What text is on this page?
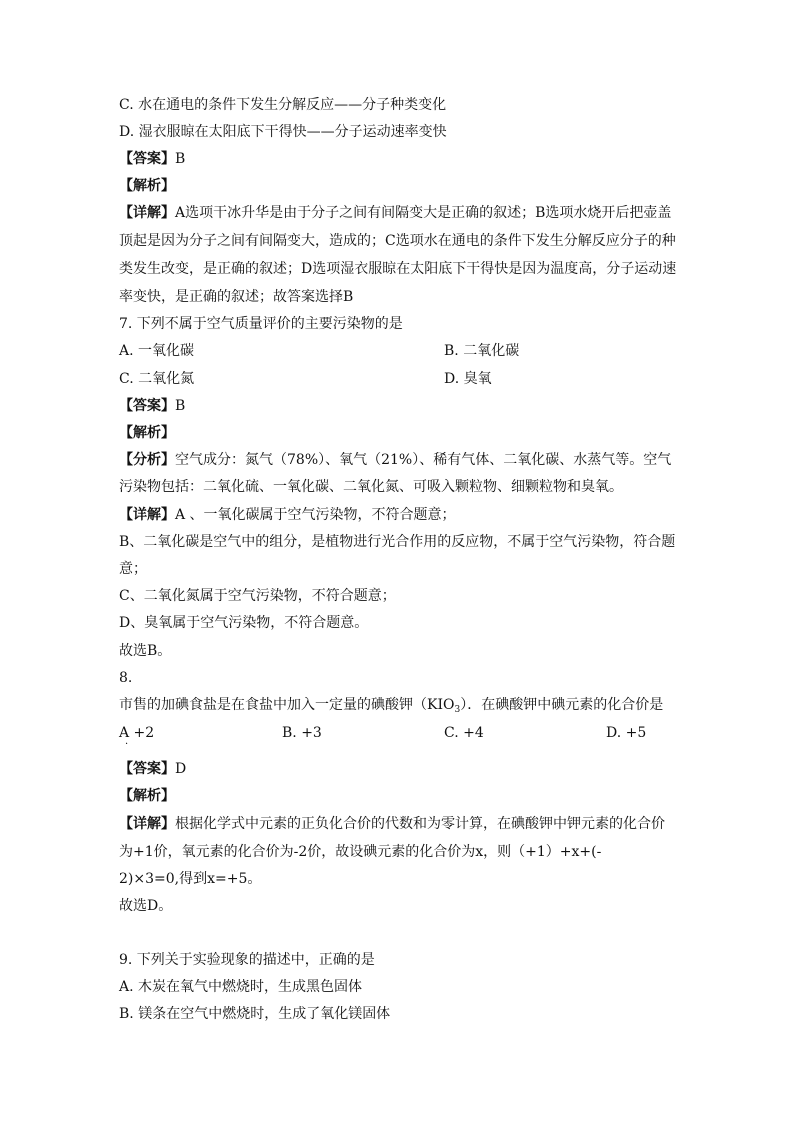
C. 水在通电的条件下发生分解反应——分子种类变化
D. 湿衣服晾在太阳底下干得快——分子运动速率变快
【答案】B
【解析】
【详解】A选项干冰升华是由于分子之间有间隔变大是正确的叙述；B选项水烧开后把壶盖
顶起是因为分子之间有间隔变大，造成的；C选项水在通电的条件下发生分解反应分子的种
类发生改变，是正确的叙述；D选项湿衣服晾在太阳底下干得快是因为温度高，分子运动速
率变快，是正确的叙述；故答案选择B
7. 下列不属于空气质量评价的主要污染物的是
A. 一氧化碳	B. 二氧化碳
C. 二氧化氮	D. 臭氧
【答案】B
【解析】
【分析】空气成分：氮气（78%）、氧气（21%）、稀有气体、二氧化碳、水蒸气等。空气
污染物包括：二氧化硫、一氧化碳、二氧化氮、可吸入颗粒物、细颗粒物和臭氧。
【详解】A 、一氧化碳属于空气污染物，不符合题意；
B、二氧化碳是空气中的组分，是植物进行光合作用的反应物，不属于空气污染物，符合题
意；
C、二氧化氮属于空气污染物，不符合题意；
D、臭氧属于空气污染物，不符合题意。
故选B。
8.
市售的加碘食盐是在食盐中加入一定量的碘酸钾$(KIO_3)$．在碘酸钾中碘元素的化合价是
A +2	B. +3	C. +4	D. +5
·
【答案】D
【解析】
【详解】根据化学式中元素的正负化合价的代数和为零计算，在碘酸钾中钾元素的化合价
为+1价，氧元素的化合价为-2价，故设碘元素的化合价为x，则（+1）+x+(-
2)×3=0,得到x=+5。
故选D。
9. 下列关于实验现象的描述中，正确的是
A. 木炭在氧气中燃烧时，生成黑色固体
B. 镁条在空气中燃烧时，生成了氧化镁固体
